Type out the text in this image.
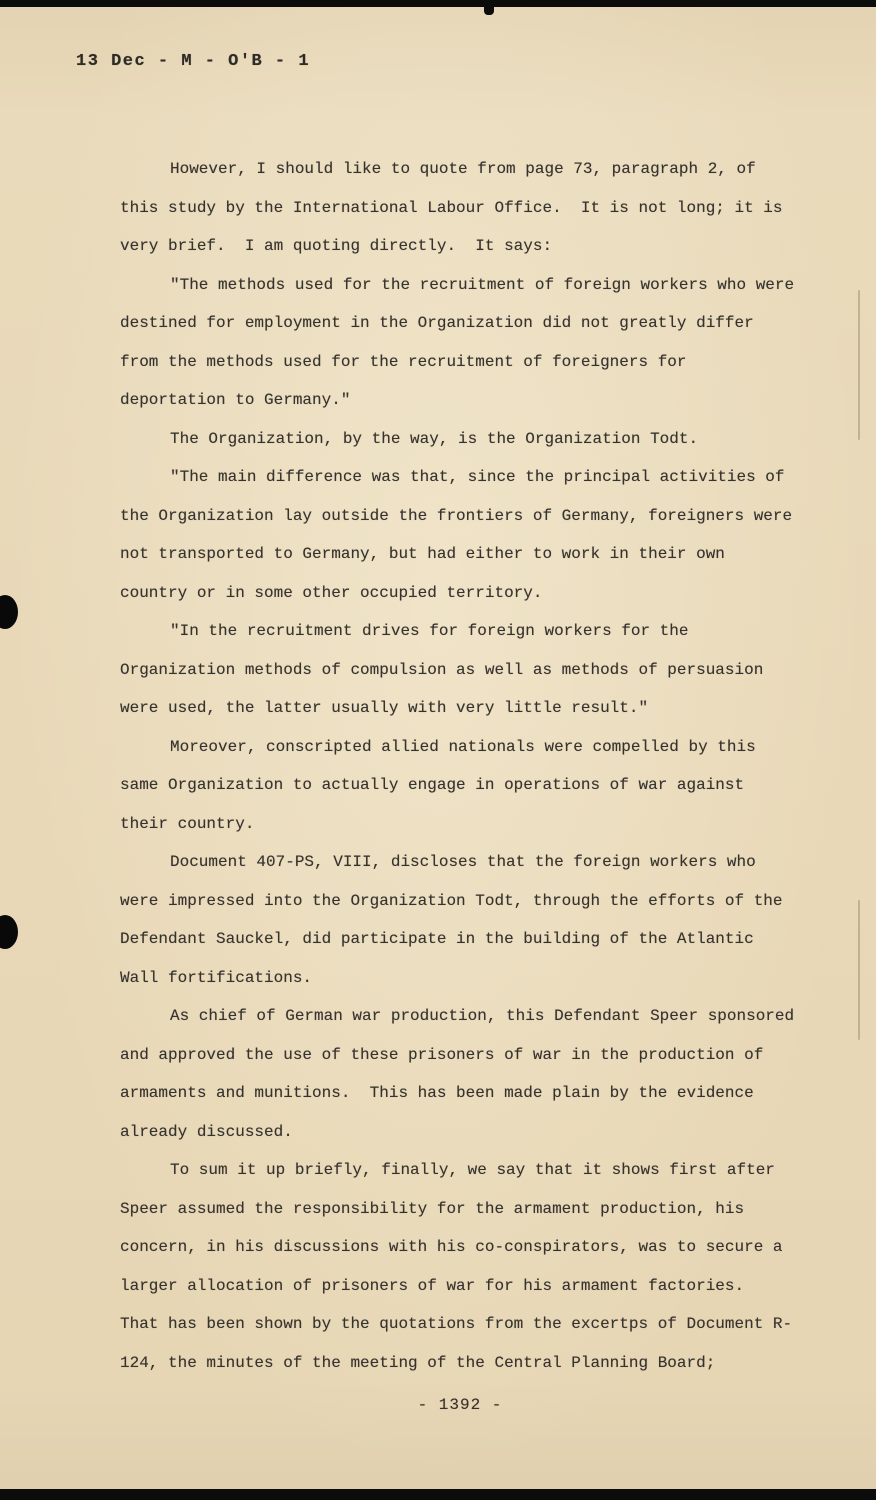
13 Dec - M - O'B - 1

However, I should like to quote from page 73, paragraph 2, of this study by the International Labour Office.  It is not long; it is very brief.  I am quoting directly.  It says:

"The methods used for the recruitment of foreign workers who were destined for employment in the Organization did not greatly differ from the methods used for the recruitment of foreigners for deportation to Germany."

The Organization, by the way, is the Organization Todt.

"The main difference was that, since the principal activities of the Organization lay outside the frontiers of Germany, foreigners were not transported to Germany, but had either to work in their own country or in some other occupied territory.

"In the recruitment drives for foreign workers for the Organization methods of compulsion as well as methods of persuasion were used, the latter usually with very little result."

Moreover, conscripted allied nationals were compelled by this same Organization to actually engage in operations of war against their country.

Document 407-PS, VIII, discloses that the foreign workers who were impressed into the Organization Todt, through the efforts of the Defendant Sauckel, did participate in the building of the Atlantic Wall fortifications.

As chief of German war production, this Defendant Speer sponsored and approved the use of these prisoners of war in the production of armaments and munitions.  This has been made plain by the evidence already discussed.

To sum it up briefly, finally, we say that it shows first after Speer assumed the responsibility for the armament production, his concern, in his discussions with his co-conspirators, was to secure a larger allocation of prisoners of war for his armament factories.  That has been shown by the quotations from the excertps of Document R-124, the minutes of the meeting of the Central Planning Board;

- 1392 -
